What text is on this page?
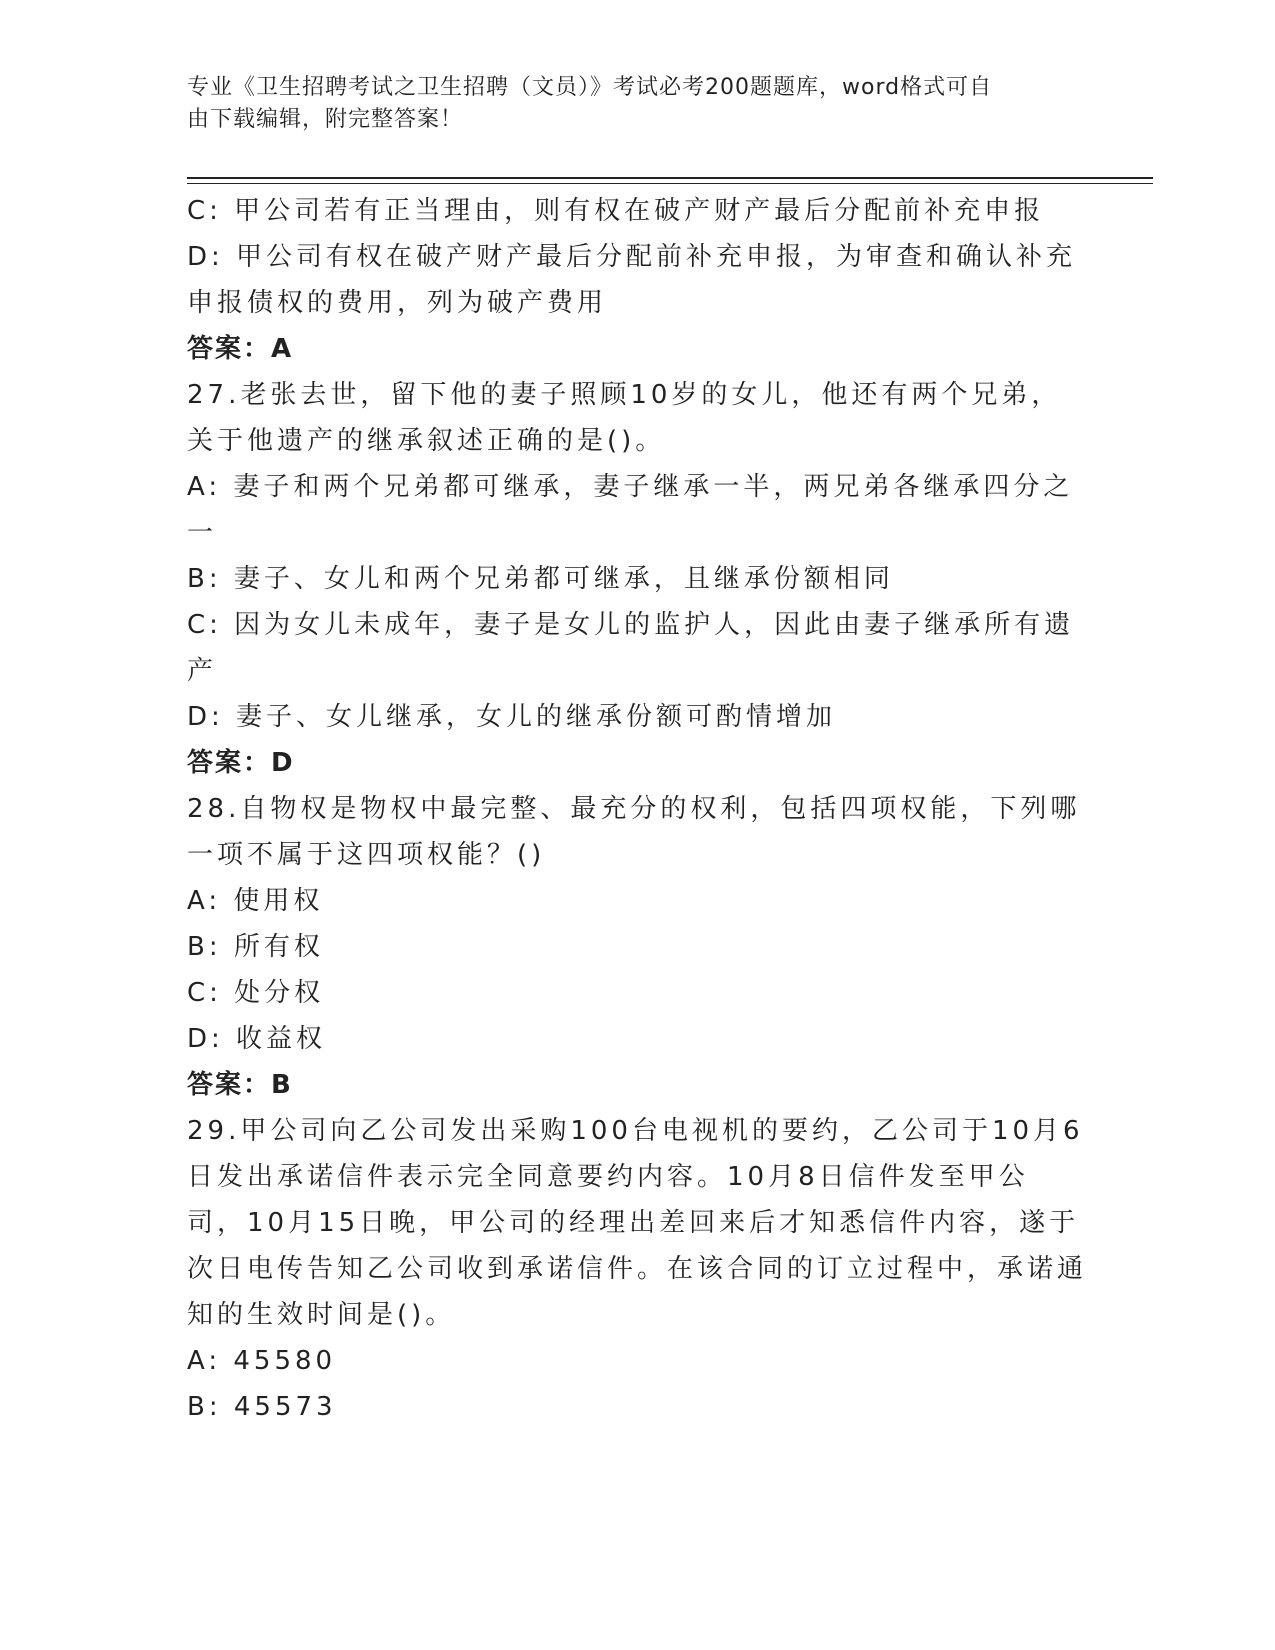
专业《卫生招聘考试之卫生招聘（文员）》考试必考200题题库，word格式可自

由下载编辑，附完整答案！

C: 甲公司若有正当理由，则有权在破产财产最后分配前补充申报

D: 甲公司有权在破产财产最后分配前补充申报，为审查和确认补充申报债权的费用，列为破产费用

答案：A

27.老张去世，留下他的妻子照顾10岁的女儿，他还有两个兄弟，关于他遗产的继承叙述正确的是()。

A: 妻子和两个兄弟都可继承，妻子继承一半，两兄弟各继承四分之一

B: 妻子、女儿和两个兄弟都可继承，且继承份额相同

C: 因为女儿未成年，妻子是女儿的监护人，因此由妻子继承所有遗产

D: 妻子、女儿继承，女儿的继承份额可酌情增加

答案：D

28.自物权是物权中最完整、最充分的权利，包括四项权能，下列哪一项不属于这四项权能？()

A: 使用权

B: 所有权

C: 处分权

D: 收益权

答案：B

29.甲公司向乙公司发出采购100台电视机的要约，乙公司于10月6日发出承诺信件表示完全同意要约内容。10月8日信件发至甲公司，10月15日晚，甲公司的经理出差回来后才知悉信件内容，遂于次日电传告知乙公司收到承诺信件。在该合同的订立过程中，承诺通知的生效时间是()。

A: 45580

B: 45573
